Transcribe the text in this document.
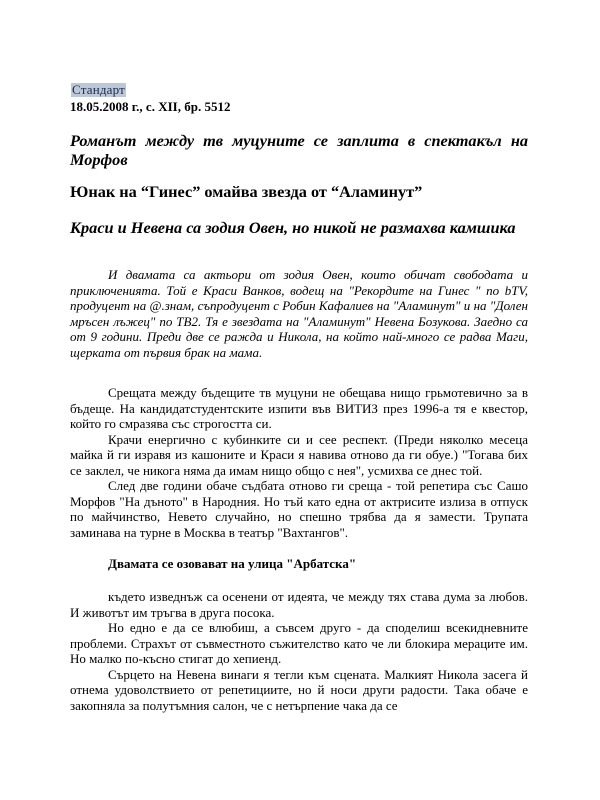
Стандарт
18.05.2008 г., с. XII, бр. 5512
Романът между тв муцуните се заплита в спектакъл на Морфов
Юнак на “Гинес” омайва звезда от “Аламинут”
Краси и Невена са зодия Овен, но никой не размахва камшика

И двамата са актьори от зодия Овен, които обичат свободата и приключенията. Той е Краси Ванков, водещ на "Рекордите на Гинес " по bTV, продуцент на @.знам, съпродуцент с Робин Кафалиев на "Аламинут" и на "Долен мръсен лъжец" по ТВ2. Тя е звездата на "Аламинут" Невена Бозукова. Заедно са от 9 години. Преди две се ражда и Никола, на който най-много се радва Маги, щерката от първия брак на мама.

Срещата между бъдещите тв муцуни не обещава нищо грьмотевично за в бъдеще. На кандидатстудентските изпити във ВИТИЗ през 1996-а тя е квестор, който го смразява със строгостта си.

Крачи енергично с кубинките си и сее респект. (Преди няколко месеца майка й ги изравя из кашоните и Краси я навива отново да ги обуе.) "Тогава бих се заклел, че никога няма да имам нищо общо с нея", усмихва се днес той.

След две години обаче съдбата отново ги среща - той репетира със Сашо Морфов "На дъното" в Народния. Но тъй като една от актрисите излиза в отпуск по майчинство, Невето случайно, но спешно трябва да я замести. Трупата заминава на турне в Москва в театър "Вахтангов".

Двамата се озовават на улица "Арбатска"

където изведнъж са осенени от идеята, че между тях става дума за любов. И животът им тръгва в друга посока.

Но едно е да се влюбиш, а съвсем друго - да споделиш всекидневните проблеми. Страхът от съвместното съжителство като че ли блокира мерацитe им. Но малко по-късно стигат до хепиенд.

Сърцето на Невена винаги я тегли към сцената. Малкият Никола засега й отнема удоволствието от репетициите, но й носи други радости. Така обаче е закопняла за полутъмния салон, че с нетърпение чака да се
